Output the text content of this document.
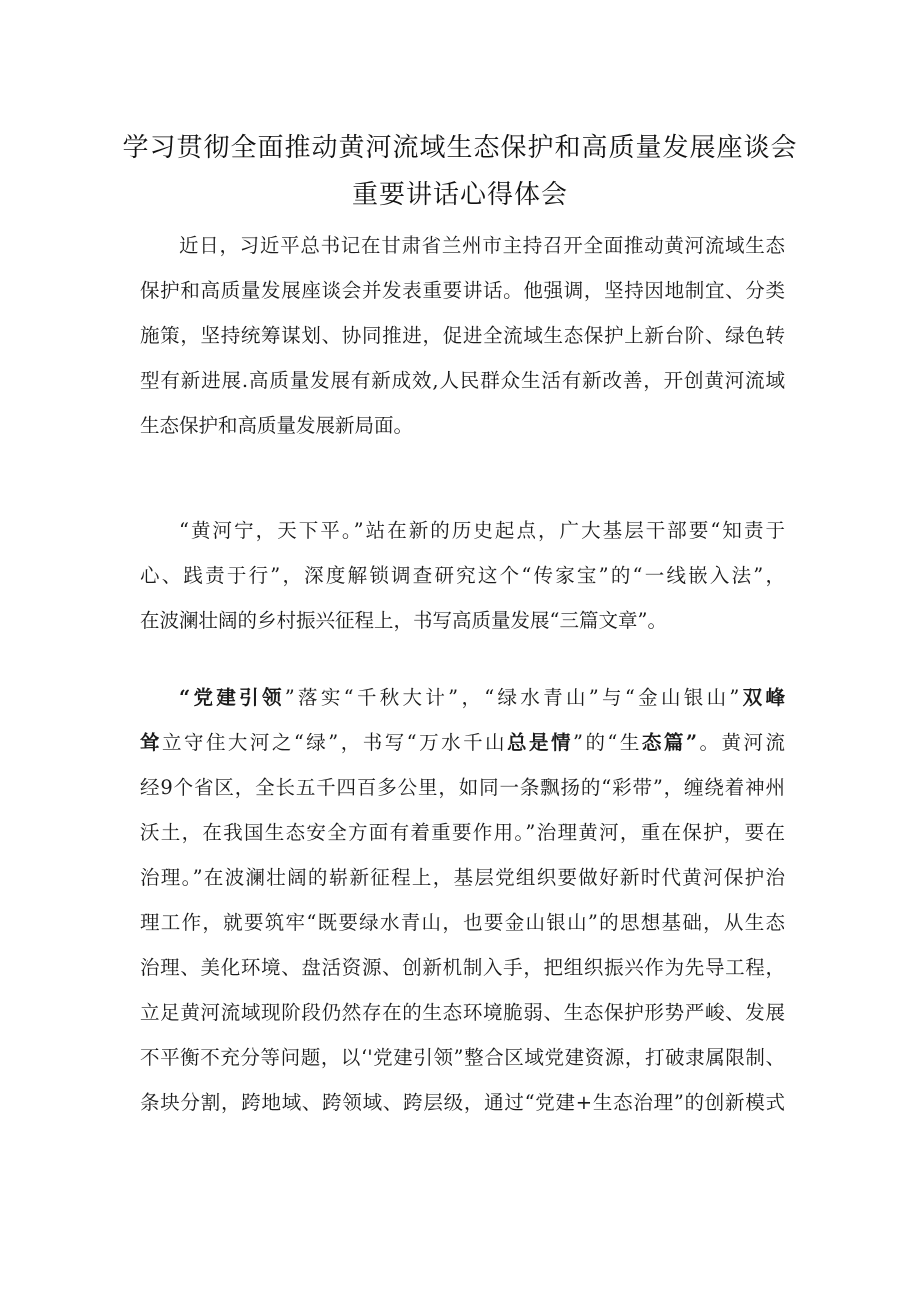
学习贯彻全面推动黄河流域生态保护和高质量发展座谈会
重要讲话心得体会
近日，习近平总书记在甘肃省兰州市主持召开全面推动黄河流域生态
保护和高质量发展座谈会并发表重要讲话。他强调，坚持因地制宜、分类
施策，坚持统筹谋划、协同推进，促进全流域生态保护上新台阶、绿色转
型有新进展.高质量发展有新成效,人民群众生活有新改善，开创黄河流域
生态保护和高质量发展新局面。
“黄河宁，天下平。”站在新的历史起点，广大基层干部要“知责于
心、践责于行”，深度解锁调查研究这个“传家宝”的“一线嵌入法”，
在波澜壮阔的乡村振兴征程上，书写高质量发展“三篇文章”。
“党建引领”落实“千秋大计”，“绿水青山”与“金山银山”双峰
耸立守住大河之“绿”，书写“万水千山总是情”的“生态篇”。黄河流
经9个省区，全长五千四百多公里，如同一条飘扬的“彩带”，缠绕着神州
沃土，在我国生态安全方面有着重要作用。”治理黄河，重在保护，要在
治理。”在波澜壮阔的崭新征程上，基层党组织要做好新时代黄河保护治
理工作，就要筑牢“既要绿水青山，也要金山银山”的思想基础，从生态
治理、美化环境、盘活资源、创新机制入手，把组织振兴作为先导工程，
立足黄河流域现阶段仍然存在的生态环境脆弱、生态保护形势严峻、发展
不平衡不充分等问题，以‘'党建引领”整合区域党建资源，打破隶属限制、
条块分割，跨地域、跨领域、跨层级，通过“党建+生态治理”的创新模式
